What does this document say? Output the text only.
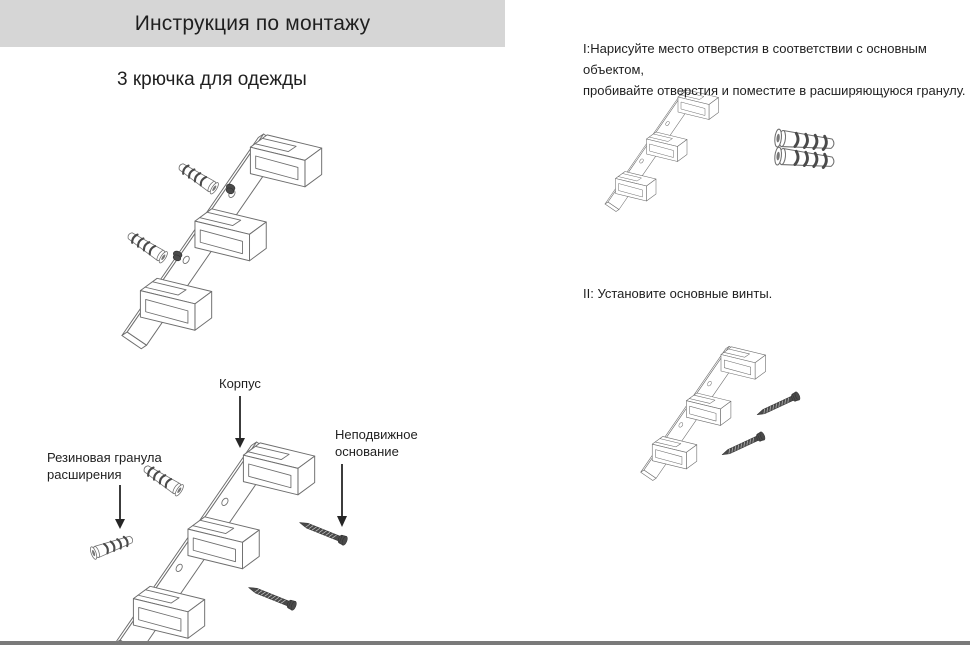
Инструкция по монтажу
3 крючка для одежды
Корпус
Неподвижное
основание
Резиновая гранула
расширения
I:Нарисуйте место отверстия в соответствии с основным объектом,
пробивайте отверстия и поместите в расширяющуюся гранулу.
II: Установите основные винты.
